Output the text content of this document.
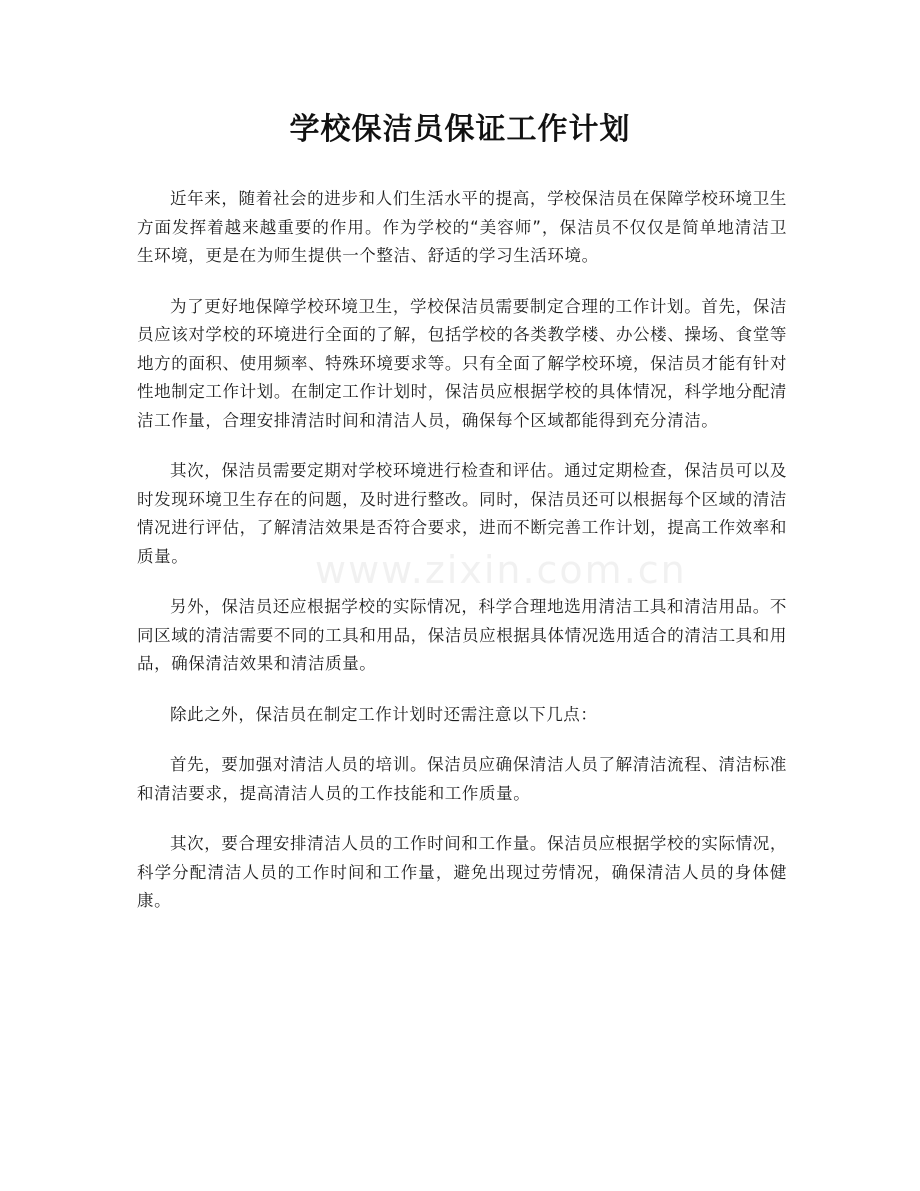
学校保洁员保证工作计划

近年来，随着社会的进步和人们生活水平的提高，学校保洁员在保障学校环境卫生方面发挥着越来越重要的作用。作为学校的“美容师”，保洁员不仅仅是简单地清洁卫生环境，更是在为师生提供一个整洁、舒适的学习生活环境。

为了更好地保障学校环境卫生，学校保洁员需要制定合理的工作计划。首先，保洁员应该对学校的环境进行全面的了解，包括学校的各类教学楼、办公楼、操场、食堂等地方的面积、使用频率、特殊环境要求等。只有全面了解学校环境，保洁员才能有针对性地制定工作计划。在制定工作计划时，保洁员应根据学校的具体情况，科学地分配清洁工作量，合理安排清洁时间和清洁人员，确保每个区域都能得到充分清洁。

其次，保洁员需要定期对学校环境进行检查和评估。通过定期检查，保洁员可以及时发现环境卫生存在的问题，及时进行整改。同时，保洁员还可以根据每个区域的清洁情况进行评估，了解清洁效果是否符合要求，进而不断完善工作计划，提高工作效率和质量。

另外，保洁员还应根据学校的实际情况，科学合理地选用清洁工具和清洁用品。不同区域的清洁需要不同的工具和用品，保洁员应根据具体情况选用适合的清洁工具和用品，确保清洁效果和清洁质量。

除此之外，保洁员在制定工作计划时还需注意以下几点：

首先，要加强对清洁人员的培训。保洁员应确保清洁人员了解清洁流程、清洁标准和清洁要求，提高清洁人员的工作技能和工作质量。

其次，要合理安排清洁人员的工作时间和工作量。保洁员应根据学校的实际情况，科学分配清洁人员的工作时间和工作量，避免出现过劳情况，确保清洁人员的身体健康。

www.zixin.com.cn
